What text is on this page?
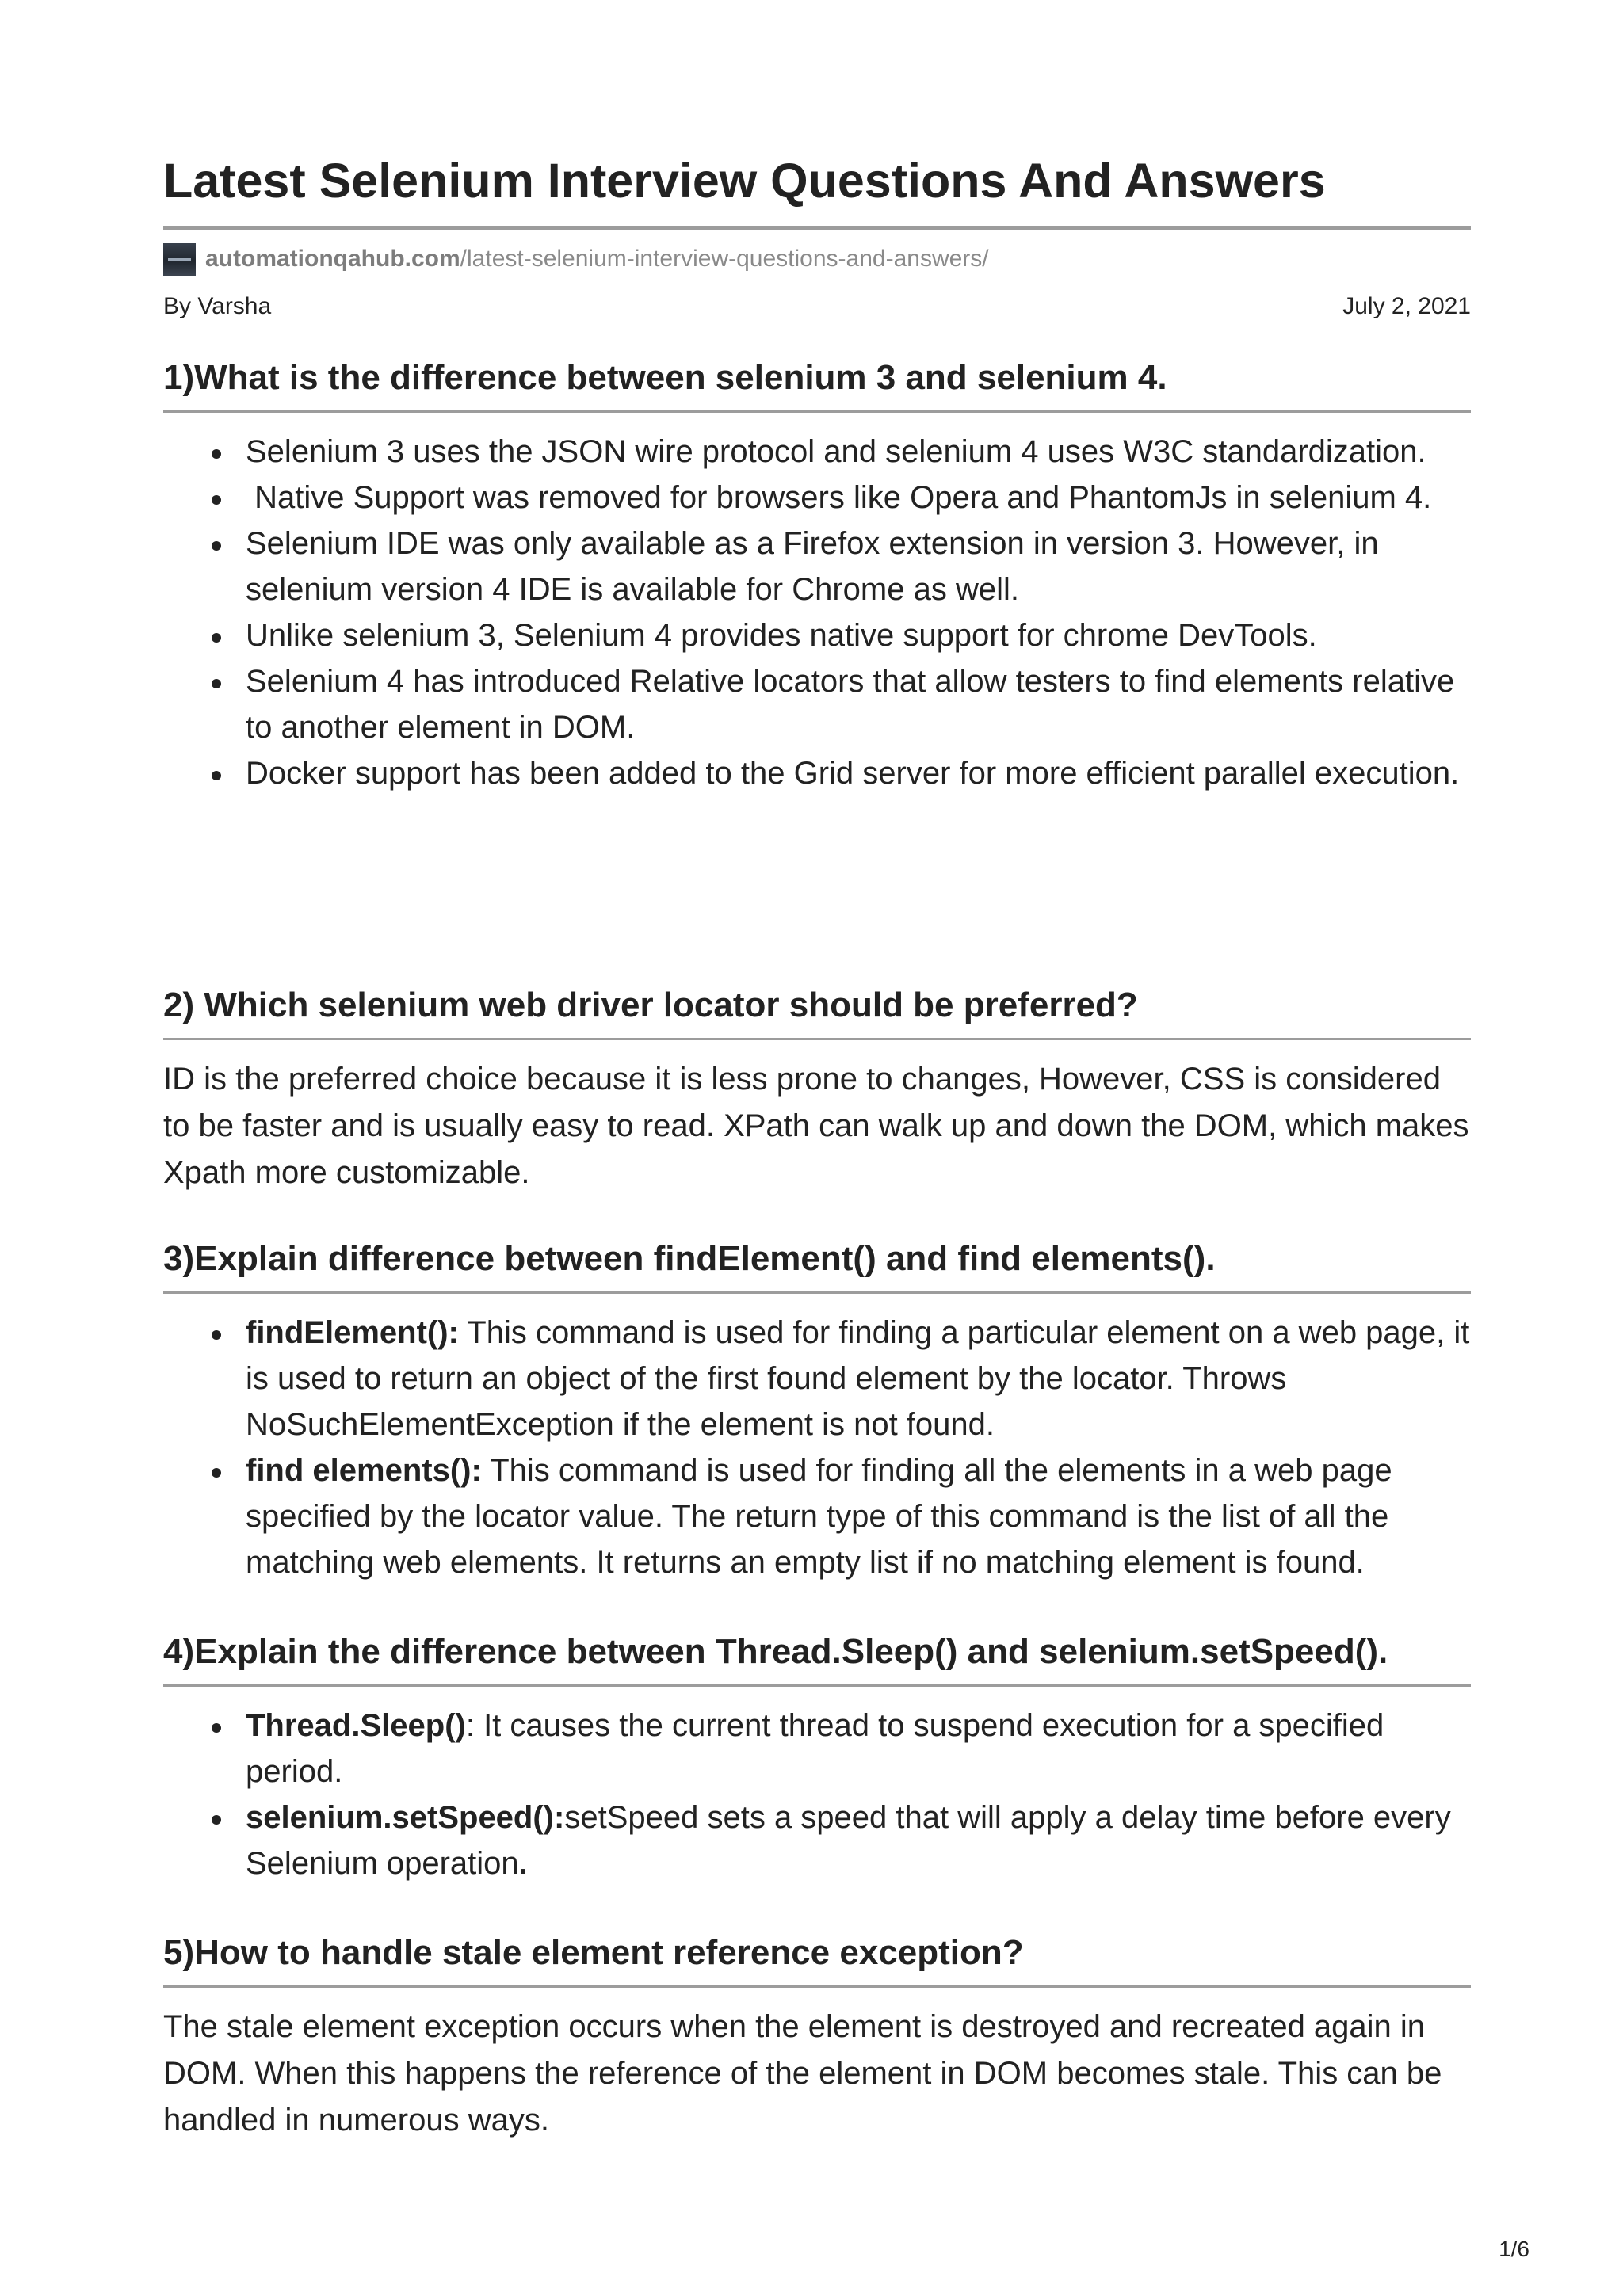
Latest Selenium Interview Questions And Answers
automationqahub.com /latest-selenium-interview-questions-and-answers/
By Varsha	July 2, 2021
1)What is the difference between selenium 3 and selenium 4.
Selenium 3 uses the JSON wire protocol and selenium 4 uses W3C standardization.
Native Support was removed for browsers like Opera and PhantomJs in selenium 4.
Selenium IDE was only available as a Firefox extension in version 3. However, in selenium version 4 IDE is available for Chrome as well.
Unlike selenium 3, Selenium 4 provides native support for chrome DevTools.
Selenium 4 has introduced Relative locators that allow testers to find elements relative to another element in DOM.
Docker support has been added to the Grid server for more efficient parallel execution.
2) Which selenium web driver locator should be preferred?

ID is the preferred choice because it is less prone to changes, However, CSS is considered to be faster and is usually easy to read. XPath can walk up and down the DOM, which makes Xpath more customizable.

3)Explain difference between findElement() and find elements().
findElement(): This command is used for finding a particular element on a web page, it is used to return an object of the first found element by the locator. Throws NoSuchElementException if the element is not found.
find elements(): This command is used for finding all the elements in a web page specified by the locator value. The return type of this command is the list of all the matching web elements. It returns an empty list if no matching element is found.
4)Explain the difference between Thread.Sleep() and selenium.setSpeed().
Thread.Sleep(): It causes the current thread to suspend execution for a specified period.
selenium.setSpeed():setSpeed sets a speed that will apply a delay time before every Selenium operation.
5)How to handle stale element reference exception?

The stale element exception occurs when the element is destroyed and recreated again in DOM. When this happens the reference of the element in DOM becomes stale. This can be handled in numerous ways.

1/6
